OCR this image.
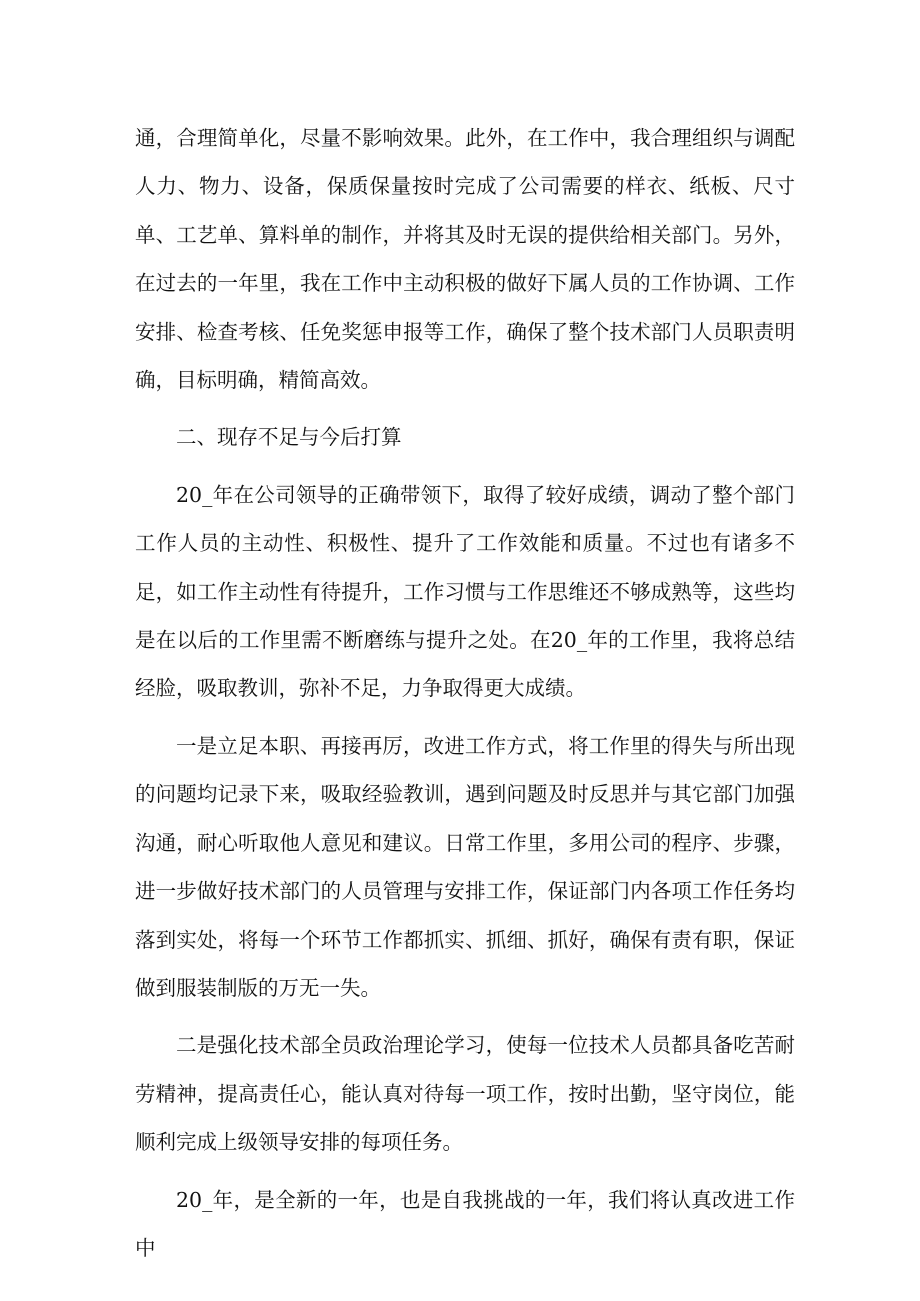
通，合理简单化，尽量不影响效果。此外，在工作中，我合理组织与调配人力、物力、设备，保质保量按时完成了公司需要的样衣、纸板、尺寸单、工艺单、算料单的制作，并将其及时无误的提供给相关部门。另外，在过去的一年里，我在工作中主动积极的做好下属人员的工作协调、工作安排、检查考核、任免奖惩申报等工作，确保了整个技术部门人员职责明确，目标明确，精简高效。

二、现存不足与今后打算

20_年在公司领导的正确带领下，取得了较好成绩，调动了整个部门工作人员的主动性、积极性、提升了工作效能和质量。不过也有诸多不足，如工作主动性有待提升，工作习惯与工作思维还不够成熟等，这些均是在以后的工作里需不断磨练与提升之处。在20_年的工作里，我将总结经脸，吸取教训，弥补不足，力争取得更大成绩。

一是立足本职、再接再厉，改进工作方式，将工作里的得失与所出现的问题均记录下来，吸取经验教训，遇到问题及时反思并与其它部门加强沟通，耐心听取他人意见和建议。日常工作里，多用公司的程序、步骤，进一步做好技术部门的人员管理与安排工作，保证部门内各项工作任务均落到实处，将每一个环节工作都抓实、抓细、抓好，确保有责有职，保证做到服装制版的万无一失。

二是强化技术部全员政治理论学习，使每一位技术人员都具备吃苦耐劳精神，提高责任心，能认真对待每一项工作，按时出勤，坚守岗位，能顺利完成上级领导安排的每项任务。

20_年，是全新的一年，也是自我挑战的一年，我们将认真改进工作中
